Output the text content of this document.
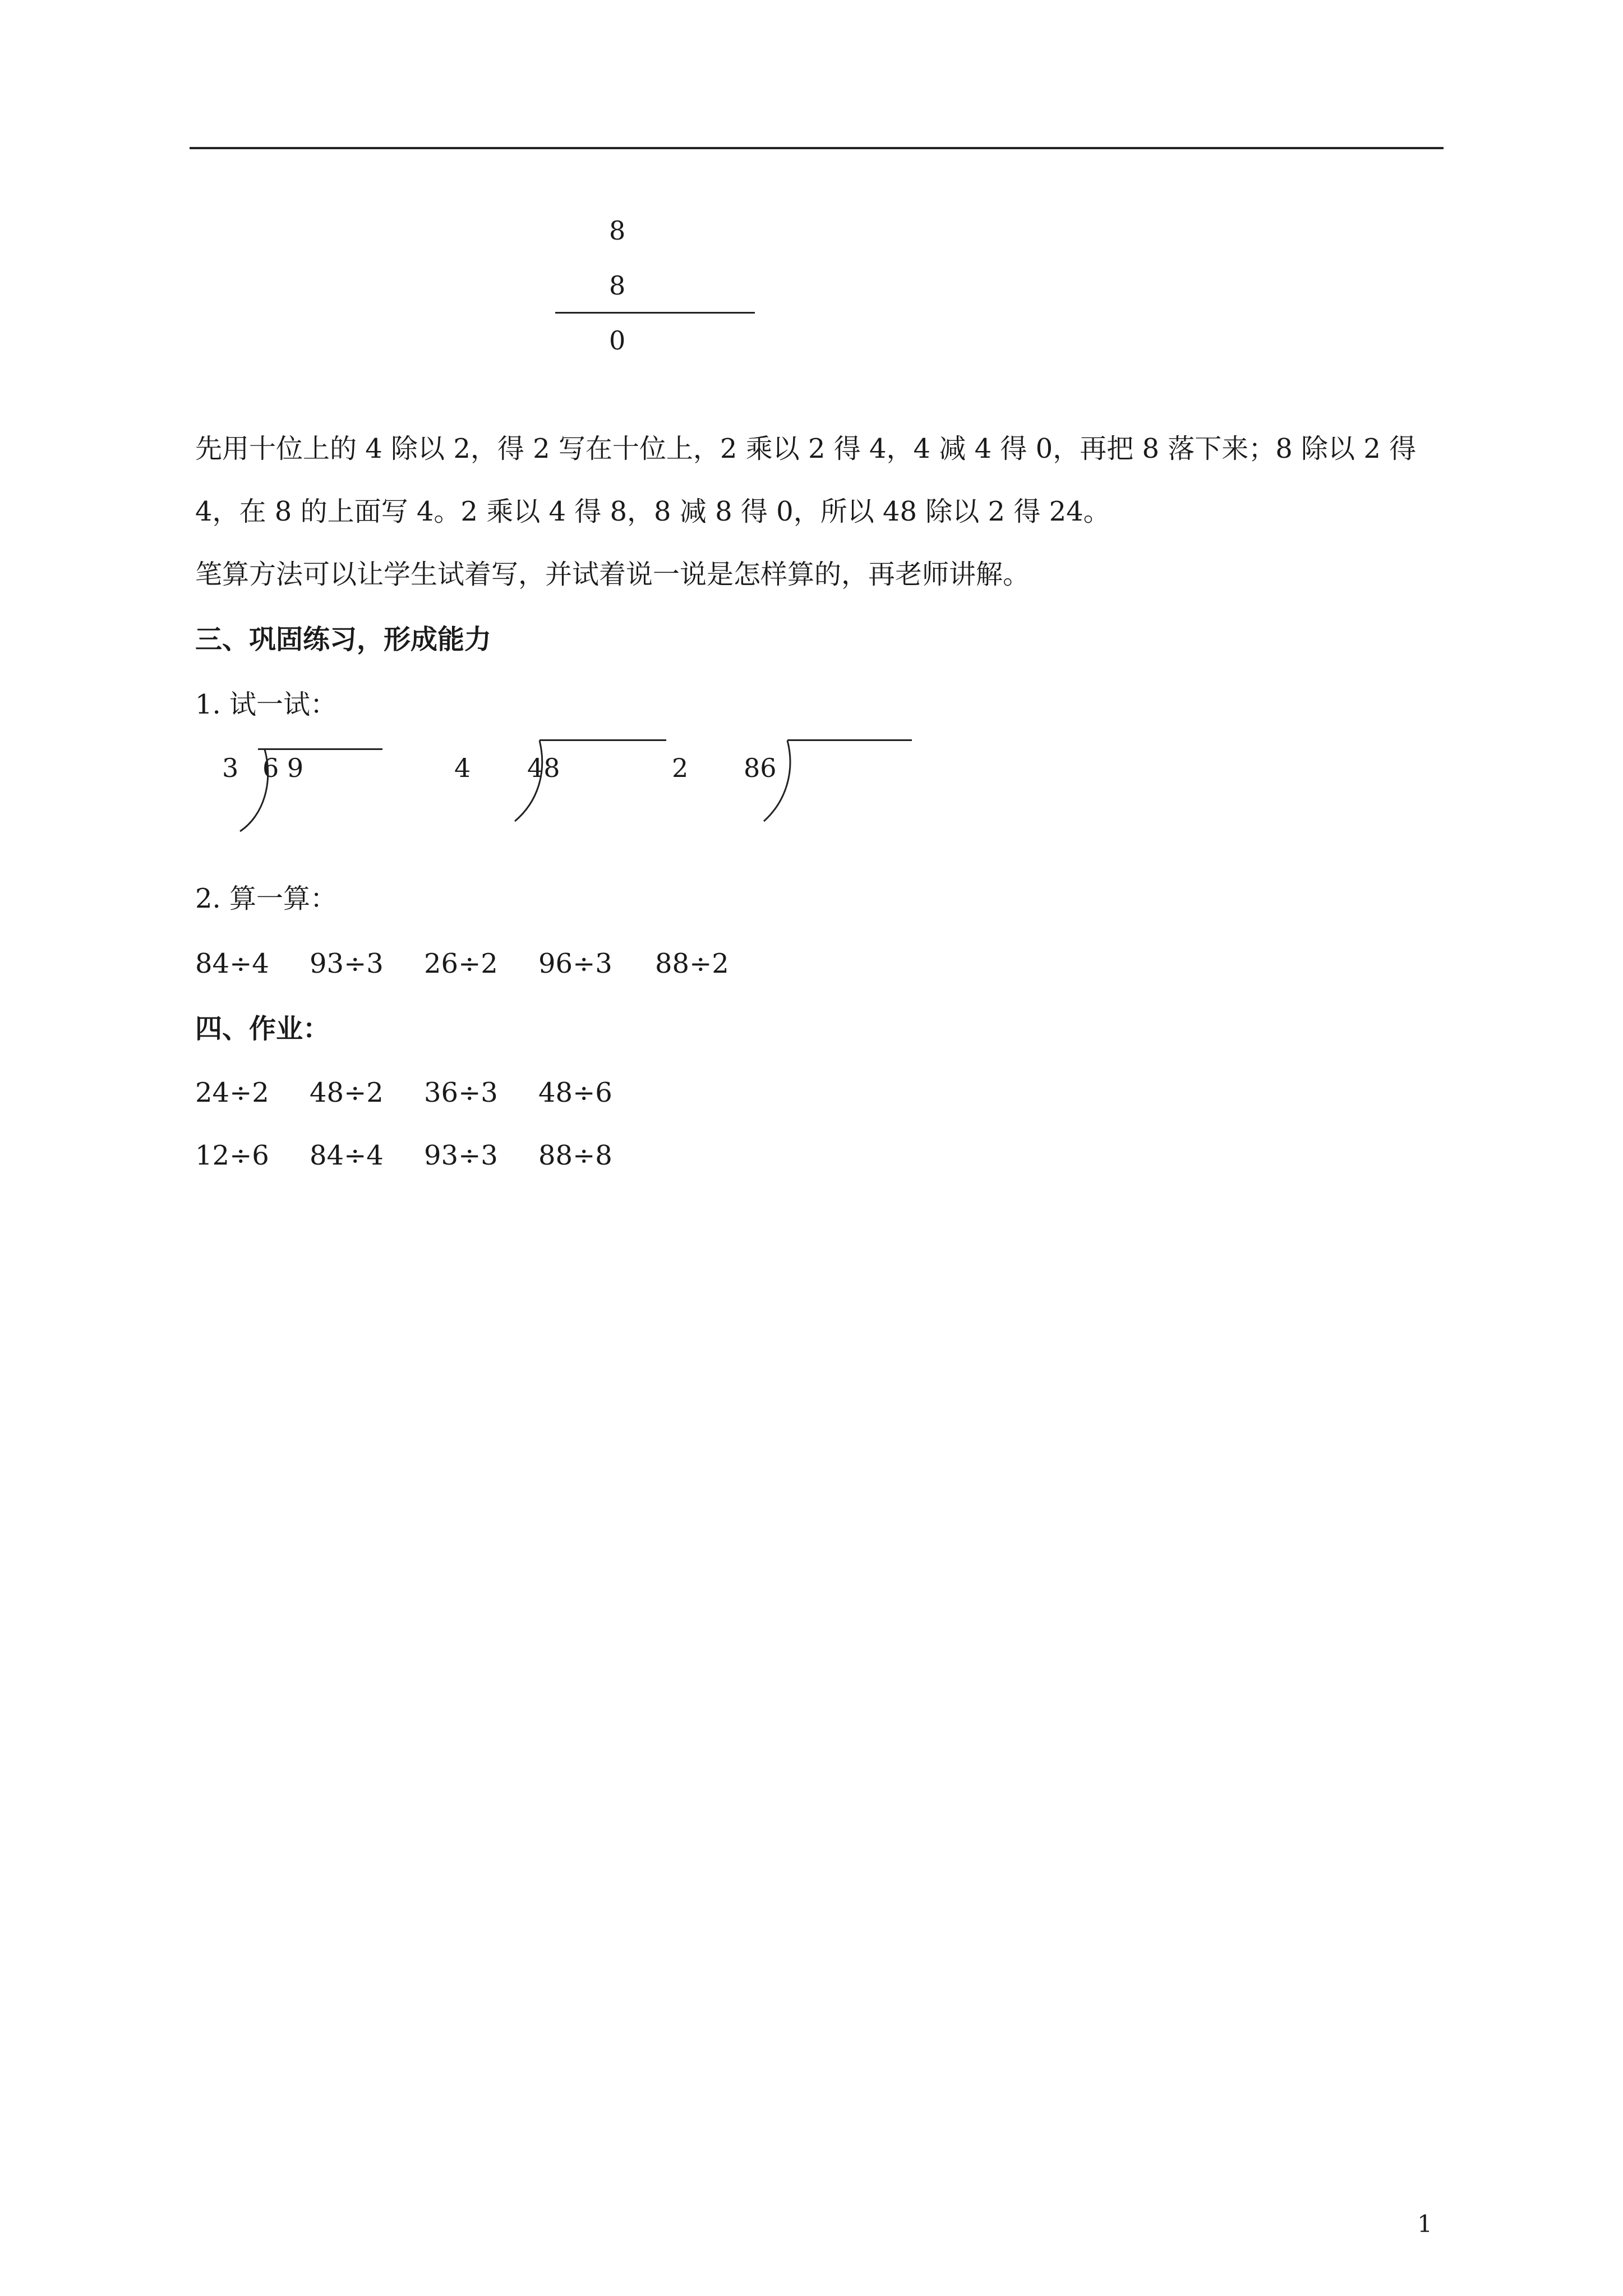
8
8
0
先用十位上的 4 除以 2，得 2 写在十位上，2 乘以 2 得 4，4 减 4 得 0，再把 8 落下来；8 除以 2 得
4，在 8 的上面写 4。2 乘以 4 得 8，8 减 8 得 0，所以 48 除以 2 得 24。
笔算方法可以让学生试着写，并试着说一说是怎样算的，再老师讲解。
三、巩固练习，形成能力
1. 试一试：
3 6 9	4 48	2 86
2. 算一算：
84÷4 93÷3 26÷2 96÷3 88÷2
四、作业：
24÷2 48÷2 36÷3 48÷6
12÷6 84÷4 93÷3 88÷8
1
